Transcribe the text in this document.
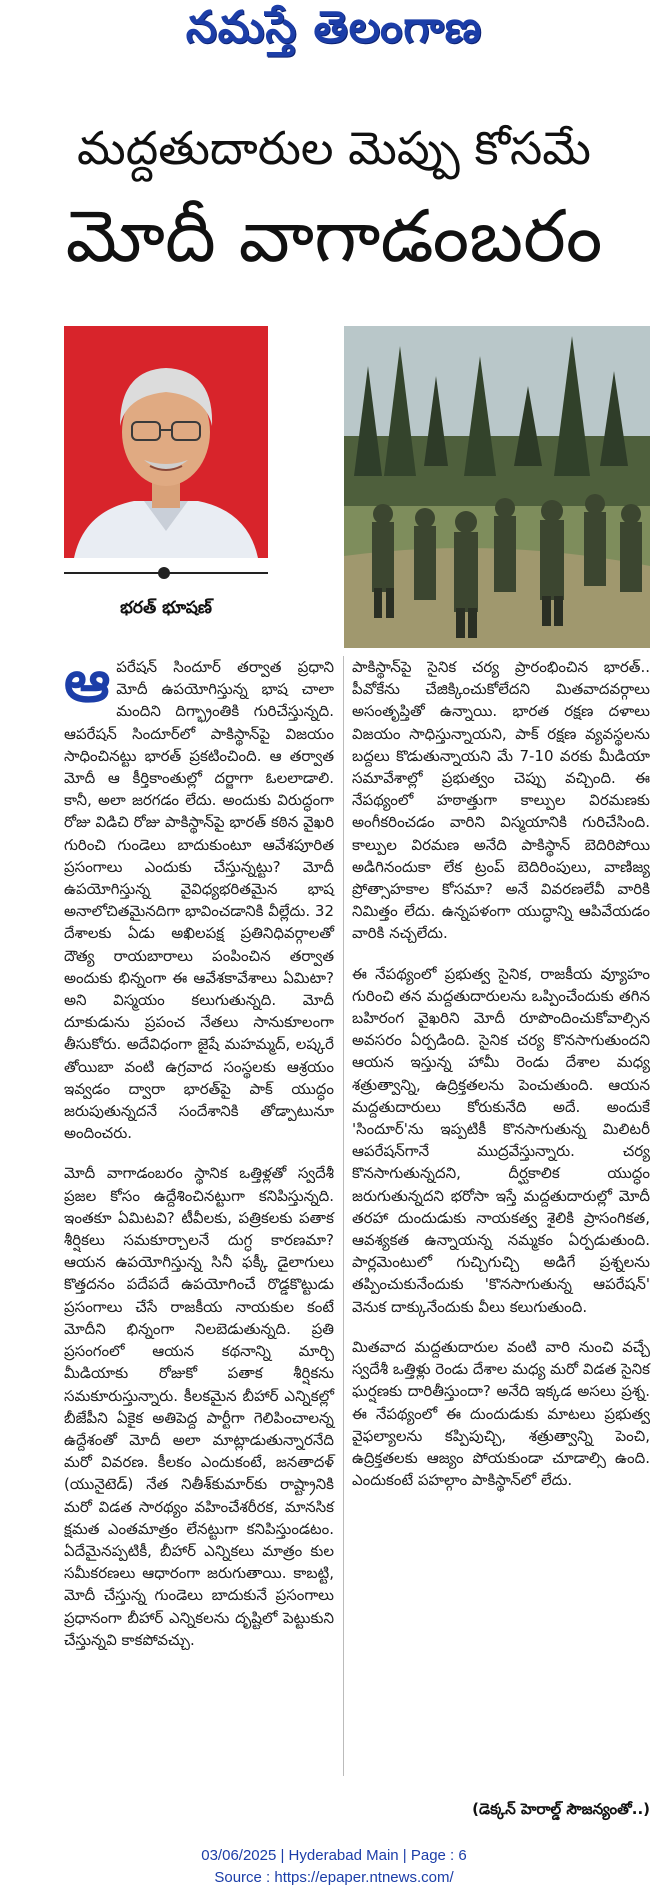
నమస్తే తెలంగాణ
మద్దతుదారుల మెప్పు కోసమే
మోదీ వాగాడంబరం
భరత్ భూషణ్

ఆపరేషన్ సిందూర్ తర్వాత ప్రధాని మోదీ ఉపయోగిస్తున్న భాష చాలా మందిని దిగ్భ్రాంతికి గురిచేస్తున్నది. ఆపరేషన్ సిందూర్‌లో పాకిస్థాన్‌పై విజయం సాధించినట్టు భారత్ ప్రకటించింది. ఆ తర్వాత మోదీ ఆ కీర్తికాంతుల్లో దర్జాగా ఓలలాడాలి. కానీ, అలా జరగడం లేదు. అందుకు విరుద్ధంగా రోజు విడిచి రోజు పాకిస్థాన్‌పై భారత్ కఠిన వైఖరి గురించి గుండెలు బాదుకుంటూ ఆవేశపూరిత ప్రసంగాలు ఎందుకు చేస్తున్నట్టు? మోదీ ఉపయోగిస్తున్న వైవిధ్యభరితమైన భాష అనాలోచితమైనదిగా భావించడానికి వీల్లేదు. 32 దేశాలకు ఏడు అఖిలపక్ష ప్రతినిధివర్గాలతో దౌత్య రాయబారాలు పంపించిన తర్వాత అందుకు భిన్నంగా ఈ ఆవేశకావేశాలు ఏమిటా? అని విస్మయం కలుగుతున్నది. మోదీ దూకుడును ప్రపంచ నేతలు సానుకూలంగా తీసుకోరు. అదేవిధంగా జైషే మహమ్మద్, లష్కరే తోయిబా వంటి ఉగ్రవాద సంస్థలకు ఆశ్రయం ఇవ్వడం ద్వారా భారత్‌పై పాక్ యుద్ధం జరుపుతున్నదనే సందేశానికి తోడ్పాటునూ అందించరు.

మోదీ వాగాడంబరం స్థానిక ఒత్తిళ్లతో స్వదేశీ ప్రజల కోసం ఉద్దేశించినట్టుగా కనిపిస్తున్నది. ఇంతకూ ఏమిటవి? టీవీలకు, పత్రికలకు పతాక శీర్షికలు సమకూర్చాలనే దుగ్ధ కారణమా? ఆయన ఉపయోగిస్తున్న సినీ ఫక్కీ డైలాగులు కొత్తదనం పదేపదే ఉపయోగించే రొడ్డకొట్టుడు ప్రసంగాలు చేసే రాజకీయ నాయకుల కంటే మోదీని భిన్నంగా నిలబెడుతున్నది. ప్రతి ప్రసంగంలో ఆయన కథనాన్ని మార్చి మీడియాకు రోజుకో పతాక శీర్షికను సమకూరుస్తున్నారు. కీలకమైన బీహార్ ఎన్నికల్లో బీజేపీని ఏకైక అతిపెద్ద పార్టీగా గెలిపించాలన్న ఉద్దేశంతో మోదీ అలా మాట్లాడుతున్నారనేది మరో వివరణ. కీలకం ఎందుకంటే, జనతాదళ్ (యునైటెడ్) నేత నితీశ్‌కుమార్‌కు రాష్ట్రానికి మరో విడత సారథ్యం వహించేశరీరక, మానసిక క్షమత ఎంతమాత్రం లేనట్టుగా కనిపిస్తుండటం. ఏదేమైనప్పటికీ, బీహార్ ఎన్నికలు మాత్రం కుల సమీకరణలు ఆధారంగా జరుగుతాయి. కాబట్టి, మోదీ చేస్తున్న గుండెలు బాదుకునే ప్రసంగాలు ప్రధానంగా బీహార్ ఎన్నికలను దృష్టిలో పెట్టుకుని చేస్తున్నవి కాకపోవచ్చు.

పాకిస్థాన్‌పై సైనిక చర్య ప్రారంభించిన భారత్.. పీవోకేను చేజిక్కించుకోలేదని మితవాదవర్గాలు అసంతృప్తితో ఉన్నాయి. భారత రక్షణ దళాలు విజయం సాధిస్తున్నాయని, పాక్ రక్షణ వ్యవస్థలను బద్దలు కొడుతున్నాయని మే 7-10 వరకు మీడియా సమావేశాల్లో ప్రభుత్వం చెప్పు వచ్చింది. ఈ నేపథ్యంలో హఠాత్తుగా కాల్పుల విరమణకు అంగీకరించడం వారిని విస్మయానికి గురిచేసింది. కాల్పుల విరమణ అనేది పాకిస్థాన్ బెదిరిపోయి అడిగినందుకా లేక ట్రంప్ బెదిరింపులు, వాణిజ్య ప్రోత్సాహకాల కోసమా? అనే వివరణలేవీ వారికి నిమిత్తం లేదు. ఉన్నపళంగా యుద్ధాన్ని ఆపివేయడం వారికి నచ్చలేదు.

ఈ నేపథ్యంలో ప్రభుత్వ సైనిక, రాజకీయ వ్యూహం గురించి తన మద్దతుదారులను ఒప్పించేందుకు తగిన బహిరంగ వైఖరిని మోదీ రూపొందించుకోవాల్సిన అవసరం ఏర్పడింది. సైనిక చర్య కొనసాగుతుందని ఆయన ఇస్తున్న హామీ రెండు దేశాల మధ్య శత్రుత్వాన్ని, ఉద్రిక్తతలను పెంచుతుంది. ఆయన మద్దతుదారులు కోరుకునేది అదే. అందుకే 'సిందూర్'ను ఇప్పటికీ కొనసాగుతున్న మిలిటరీ ఆపరేషన్‌గానే ముద్రవేస్తున్నారు. చర్య కొనసాగుతున్నదని, దీర్ఘకాలిక యుద్ధం జరుగుతున్నదని భరోసా ఇస్తే మద్దతుదారుల్లో మోదీ తరహా దుందుడుకు నాయకత్వ శైలికి ప్రాసంగికత, ఆవశ్యకత ఉన్నాయన్న నమ్మకం ఏర్పడుతుంది. పార్లమెంటులో గుచ్చిగుచ్చి అడిగే ప్రశ్నలను తప్పించుకునేందుకు 'కొనసాగుతున్న ఆపరేషన్' వెనుక దాక్కునేందుకు వీలు కలుగుతుంది.

మితవాద మద్దతుదారుల వంటి వారి నుంచి వచ్చే స్వదేశీ ఒత్తిళ్లు రెండు దేశాల మధ్య మరో విడత సైనిక ఘర్షణకు దారితీస్తుందా? అనేది ఇక్కడ అసలు ప్రశ్న. ఈ నేపథ్యంలో ఈ దుందుడుకు మాటలు ప్రభుత్వ వైఫల్యాలను కప్పిపుచ్చి, శత్రుత్వాన్ని పెంచి, ఉద్రిక్తతలకు ఆజ్యం పోయకుండా చూడాల్సి ఉంది. ఎందుకంటే పహల్గాం పాకిస్థాన్‌లో లేదు.

(డెక్కన్ హెరాల్డ్ సౌజన్యంతో..)
03/06/2025 | Hyderabad Main | Page : 6
Source : https://epaper.ntnews.com/
